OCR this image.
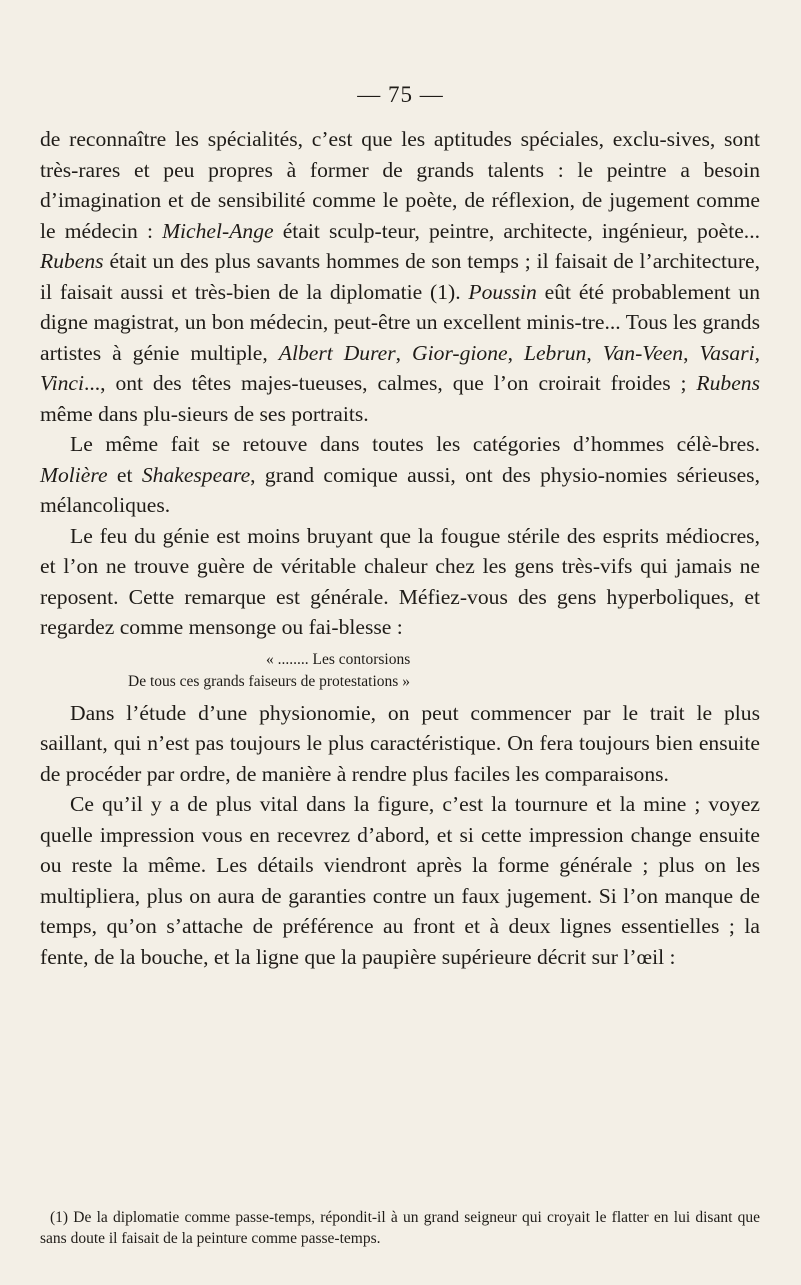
— 75 —

de reconnaître les spécialités, c’est que les aptitudes spéciales, exclu-sives, sont très-rares et peu propres à former de grands talents : le peintre a besoin d’imagination et de sensibilité comme le poète, de réflexion, de jugement comme le médecin : Michel-Ange était sculp-teur, peintre, architecte, ingénieur, poète... Rubens était un des plus savants hommes de son temps ; il faisait de l’architecture, il faisait aussi et très-bien de la diplomatie (1). Poussin eût été probablement un digne magistrat, un bon médecin, peut-être un excellent minis-tre... Tous les grands artistes à génie multiple, Albert Durer, Gior-gione, Lebrun, Van-Veen, Vasari, Vinci..., ont des têtes majes-tueuses, calmes, que l’on croirait froides ; Rubens même dans plu-sieurs de ses portraits.

Le même fait se retouve dans toutes les catégories d’hommes célè-bres. Molière et Shakespeare, grand comique aussi, ont des physio-nomies sérieuses, mélancoliques.

Le feu du génie est moins bruyant que la fougue stérile des esprits médiocres, et l’on ne trouve guère de véritable chaleur chez les gens très-vifs qui jamais ne reposent. Cette remarque est générale. Méfiez-vous des gens hyperboliques, et regardez comme mensonge ou fai-blesse :

« ........ Les contorsions
De tous ces grands faiseurs de protestations »

Dans l’étude d’une physionomie, on peut commencer par le trait le plus saillant, qui n’est pas toujours le plus caractéristique. On fera toujours bien ensuite de procéder par ordre, de manière à rendre plus faciles les comparaisons.

Ce qu’il y a de plus vital dans la figure, c’est la tournure et la mine ; voyez quelle impression vous en recevrez d’abord, et si cette impression change ensuite ou reste la même. Les détails viendront après la forme générale ; plus on les multipliera, plus on aura de garanties contre un faux jugement. Si l’on manque de temps, qu’on s’attache de préférence au front et à deux lignes essentielles ; la fente, de la bouche, et la ligne que la paupière supérieure décrit sur l’œil :

(1) De la diplomatie comme passe-temps, répondit-il à un grand seigneur qui croyait le flatter en lui disant que sans doute il faisait de la peinture comme passe-temps.
